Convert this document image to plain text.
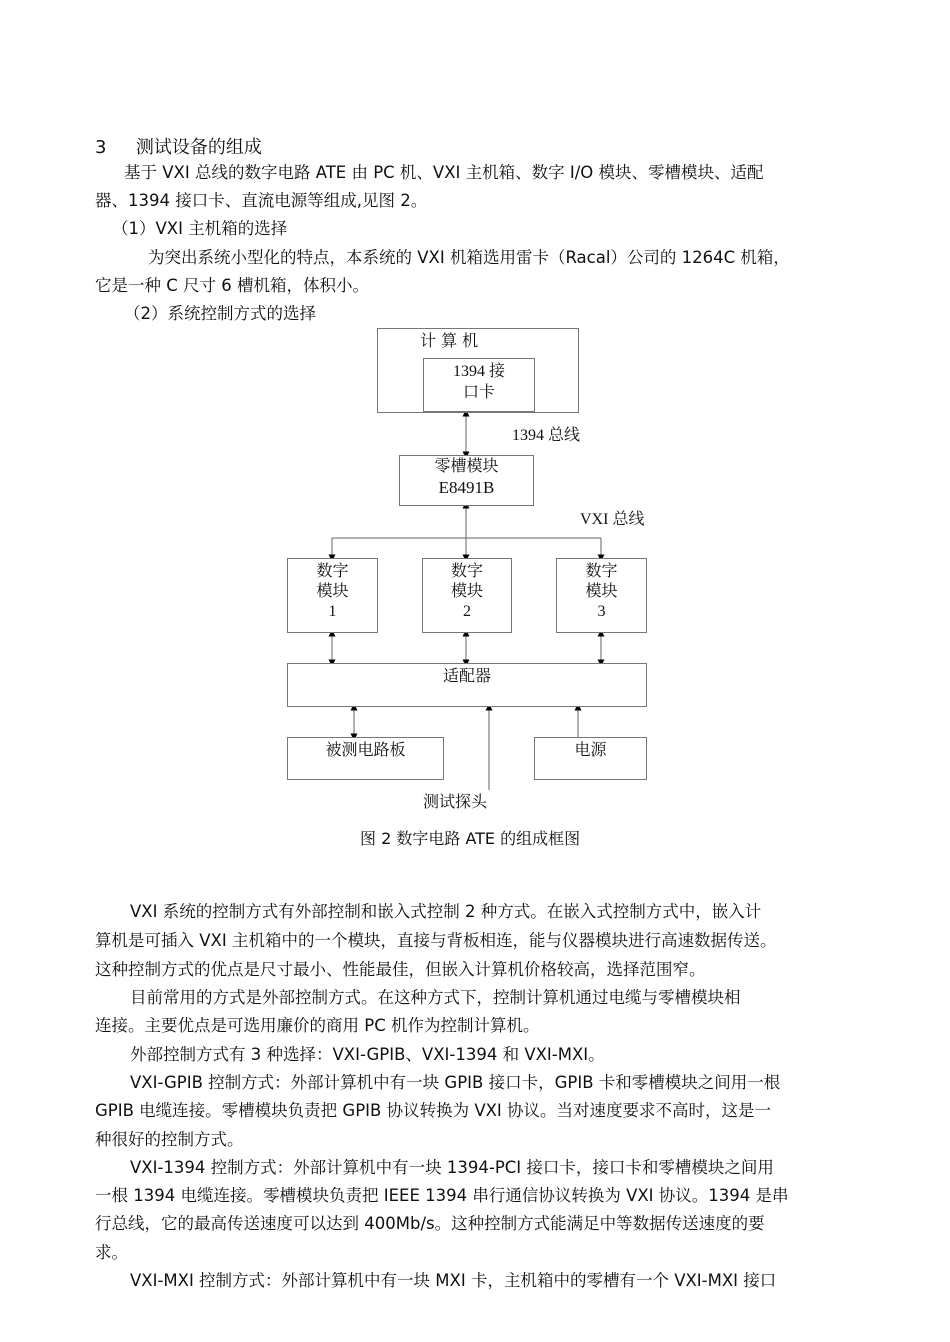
3 测试设备的组成
基于 VXI 总线的数字电路 ATE 由 PC 机、VXI 主机箱、数字 I/O 模块、零槽模块、适配
器、1394 接口卡、直流电源等组成,见图 2。
（1）VXI 主机箱的选择
为突出系统小型化的特点，本系统的 VXI 机箱选用雷卡（Racal）公司的 1264C 机箱，
它是一种 C 尺寸 6 槽机箱，体积小。
（2）系统控制方式的选择
计 算 机
1394 接
口卡
1394 总线
零槽模块
E8491B
VXI 总线
数字
模块
1
数字
模块
2
数字
模块
3
适配器
被测电路板	电源
测试探头
图 2 数字电路 ATE 的组成框图
VXI 系统的控制方式有外部控制和嵌入式控制 2 种方式。在嵌入式控制方式中，嵌入计
算机是可插入 VXI 主机箱中的一个模块，直接与背板相连，能与仪器模块进行高速数据传送。
这种控制方式的优点是尺寸最小、性能最佳，但嵌入计算机价格较高，选择范围窄。
目前常用的方式是外部控制方式。在这种方式下，控制计算机通过电缆与零槽模块相
连接。主要优点是可选用廉价的商用 PC 机作为控制计算机。
外部控制方式有 3 种选择：VXI-GPIB、VXI-1394 和 VXI-MXI。
VXI-GPIB 控制方式：外部计算机中有一块 GPIB 接口卡，GPIB 卡和零槽模块之间用一根
GPIB 电缆连接。零槽模块负责把 GPIB 协议转换为 VXI 协议。当对速度要求不高时，这是一
种很好的控制方式。
VXI-1394 控制方式：外部计算机中有一块 1394-PCI 接口卡，接口卡和零槽模块之间用
一根 1394 电缆连接。零槽模块负责把 IEEE 1394 串行通信协议转换为 VXI 协议。1394 是串
行总线，它的最高传送速度可以达到 400Mb/s。这种控制方式能满足中等数据传送速度的要
求。
VXI-MXI 控制方式：外部计算机中有一块 MXI 卡，主机箱中的零槽有一个 VXI-MXI 接口
